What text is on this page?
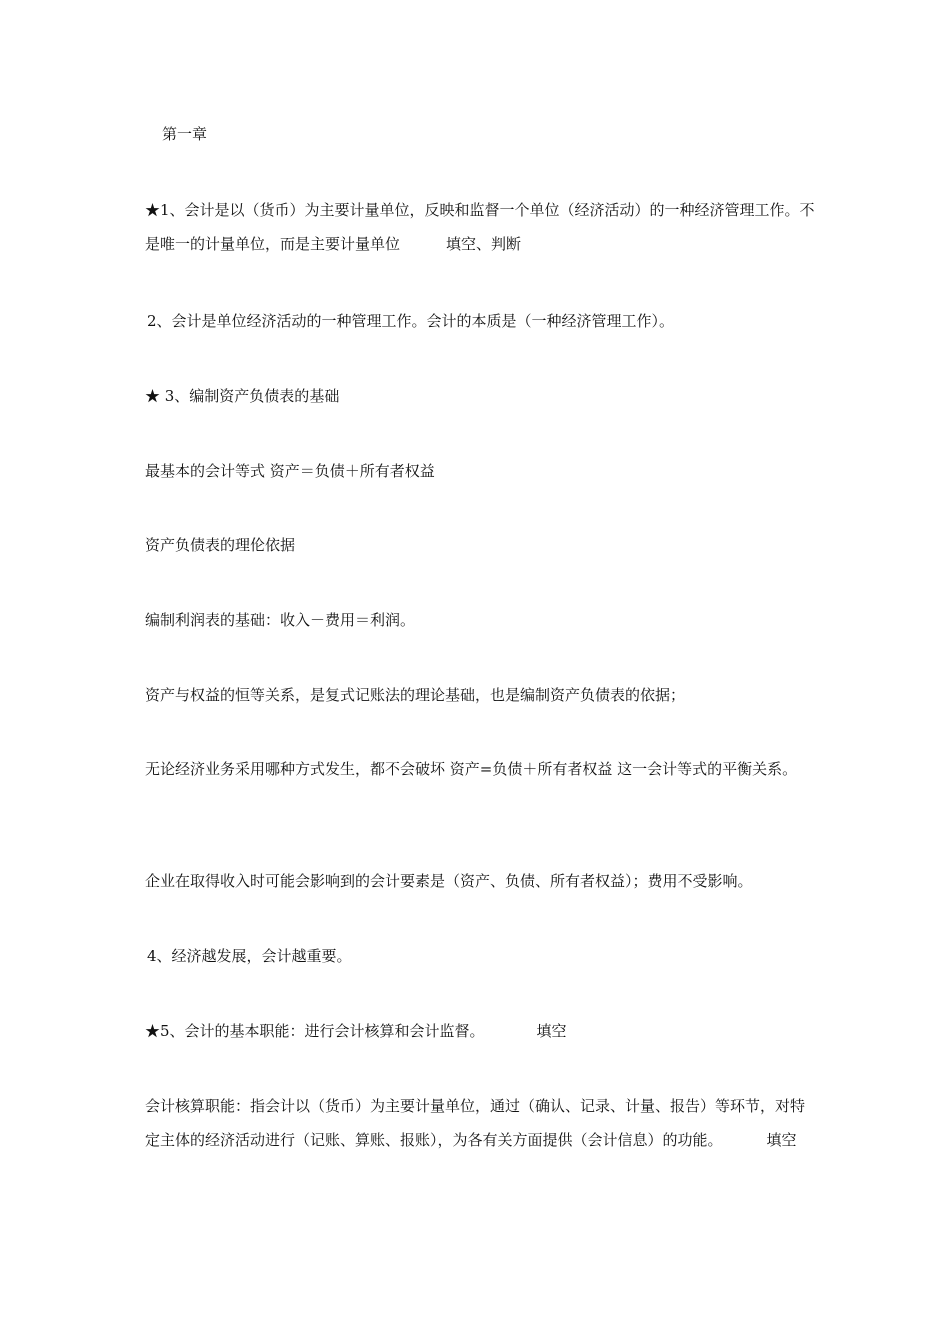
第一章

★1、会计是以（货币）为主要计量单位，反映和监督一个单位（经济活动）的一种经济管理工作。不是唯一的计量单位，而是主要计量单位	填空、判断

2、会计是单位经济活动的一种管理工作。会计的本质是（一种经济管理工作）。

★ 3、编制资产负债表的基础

最基本的会计等式 资产＝负债＋所有者权益

资产负债表的理伦依据

编制利润表的基础：收入－费用＝利润。

资产与权益的恒等关系，是复式记账法的理论基础，也是编制资产负债表的依据；

无论经济业务采用哪种方式发生，都不会破坏 资产=负债＋所有者权益 这一会计等式的平衡关系。

企业在取得收入时可能会影响到的会计要素是（资产、负债、所有者权益）；费用不受影响。

4、经济越发展，会计越重要。

★5、会计的基本职能：进行会计核算和会计监督。	填空

会计核算职能：指会计以（货币）为主要计量单位，通过（确认、记录、计量、报告）等环节，对特定主体的经济活动进行（记账、算账、报账），为各有关方面提供（会计信息）的功能。	填空
